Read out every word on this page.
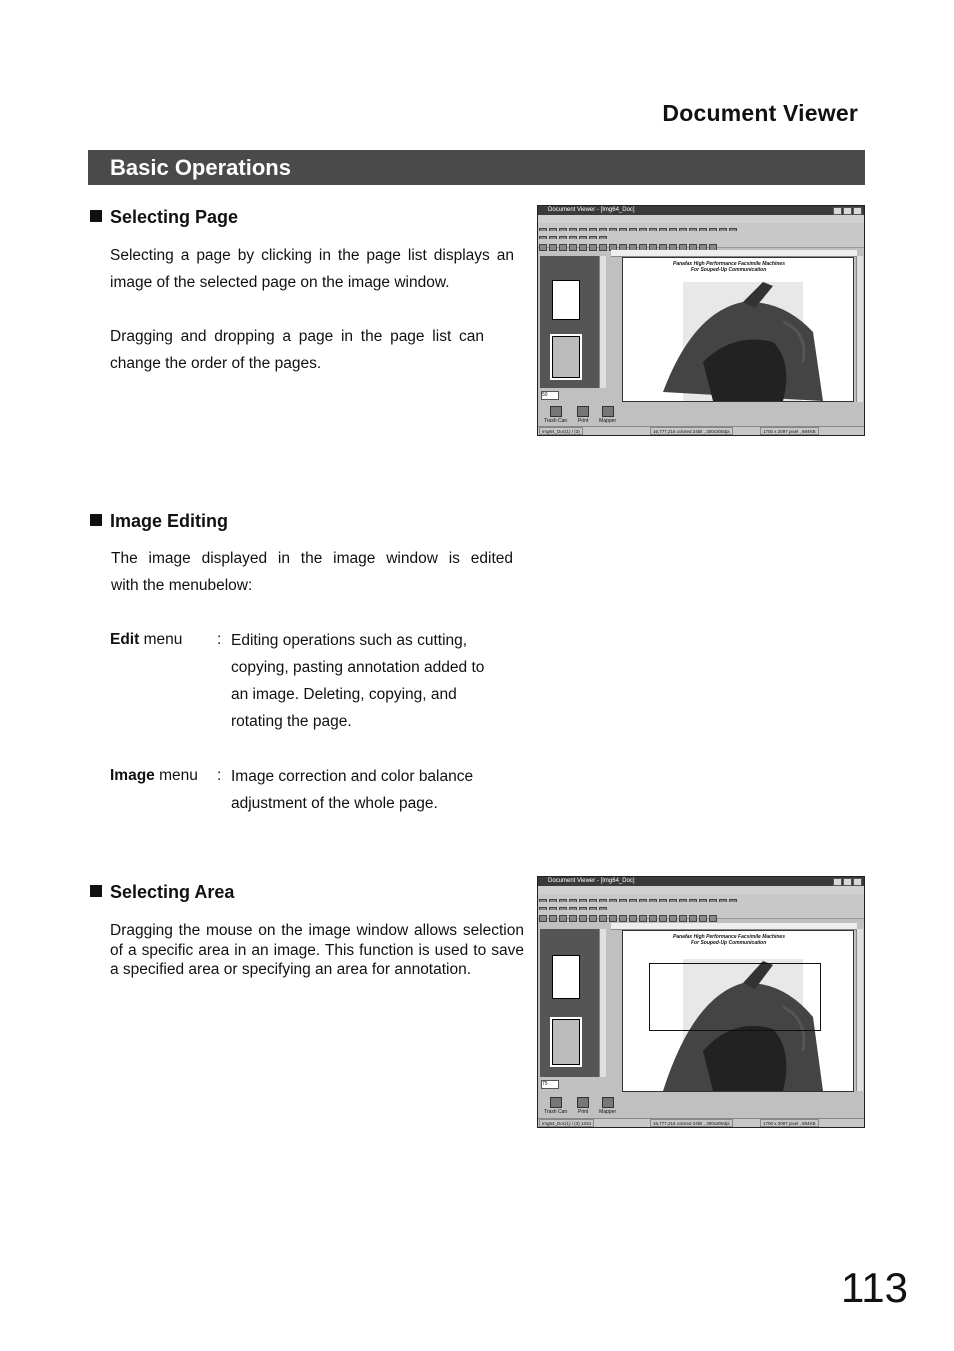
Document Viewer
Basic Operations
Selecting Page
Selecting a page by clicking in the page list displays an
image of the selected page on the image window.
Dragging and dropping a page in the page list can
change the order of the pages.
Document Viewer - [Img64_Doc]
50
Panafax High Performance Facsimile Machines
For Souped-Up Communication
Trash Can Print Mapper
Img64_Doc(1) / (3)	16,777,216 colored 24bit , 300x300dpi	1700 x 2097 pixel , 684KB
Image Editing
The image displayed in the image window is edited
with the menubelow:
Edit menu : Editing operations such as cutting,
copying, pasting annotation added to
an image. Deleting, copying, and
rotating the page.
Image menu : Image correction and color balance
adjustment of the whole page.
Selecting Area
Dragging the mouse on the image window allows selection of a specific area in an image. This function is used to save a specified area or specifying an area for annotation.
Document Viewer - [Img64_Doc]
75
Panafax High Performance Facsimile Machines
For Souped-Up Communication
Trash Can Print Mapper
Img64_Doc(1) / (3) 1234	16,777,216 colored 24bit , 300x300dpi	1700 x 2097 pixel , 684KB
113
